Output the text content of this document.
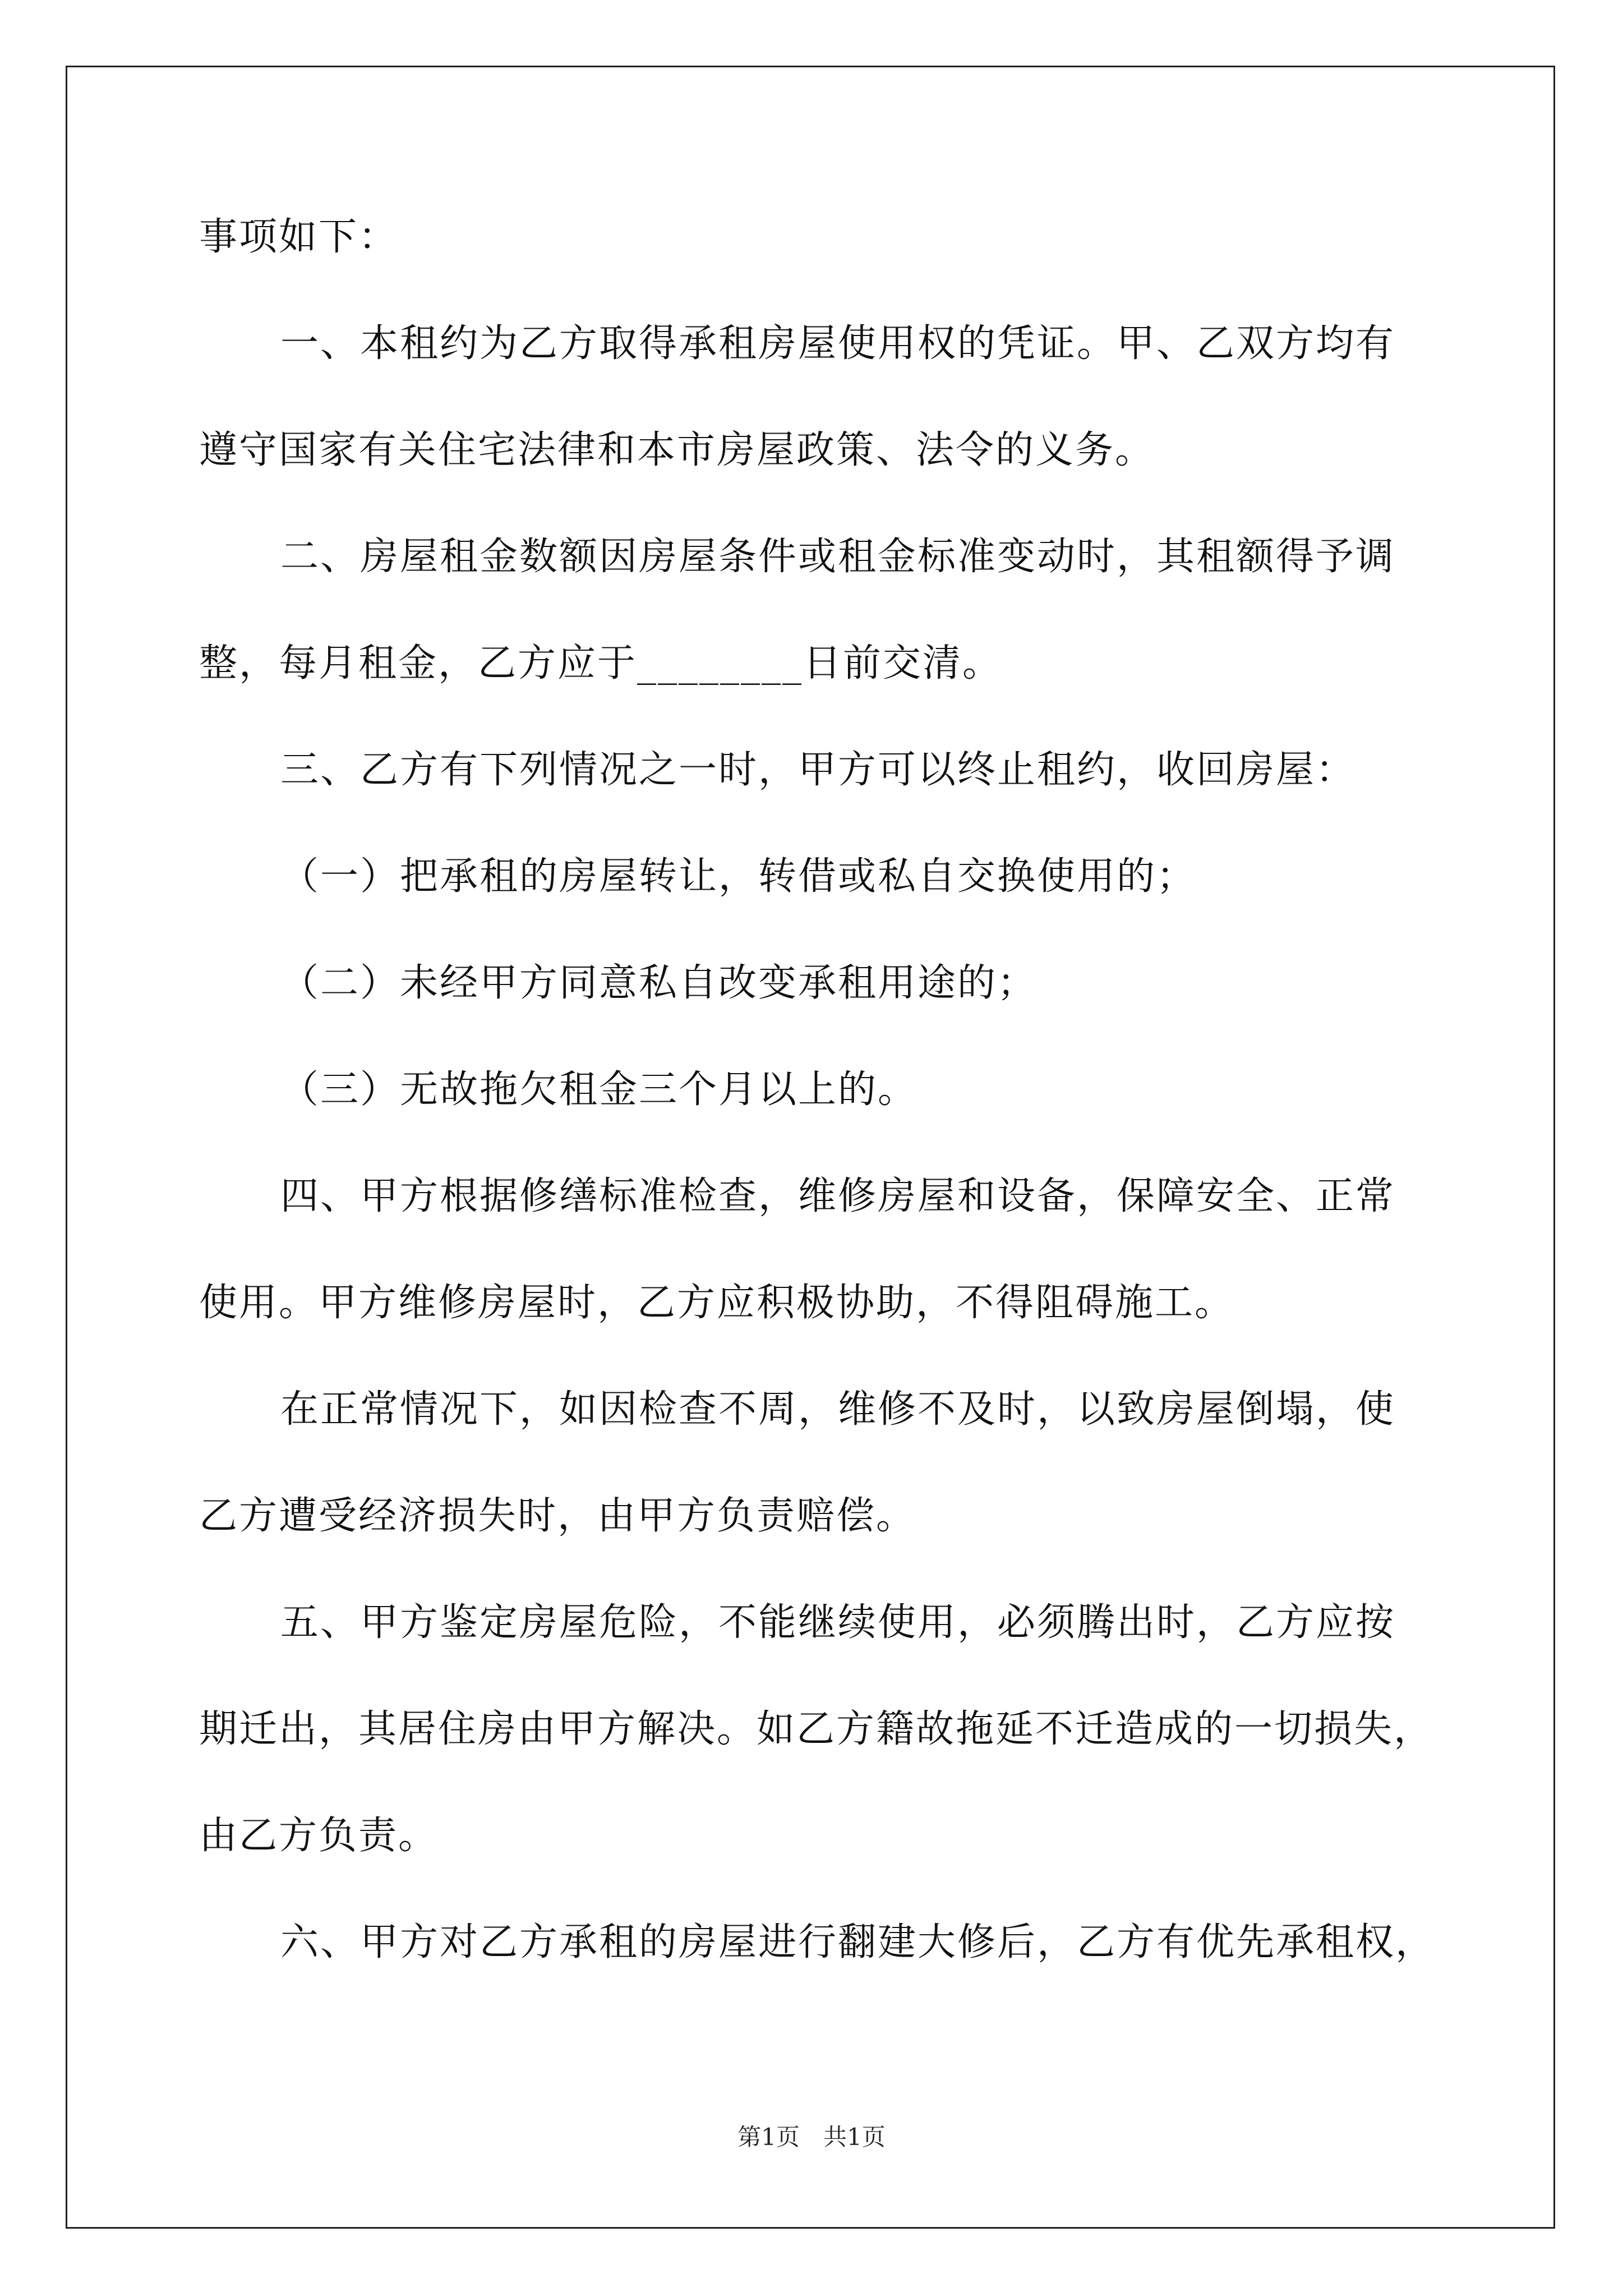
事项如下：
一、本租约为乙方取得承租房屋使用权的凭证。甲、乙双方均有
遵守国家有关住宅法律和本市房屋政策、法令的义务。
二、房屋租金数额因房屋条件或租金标准变动时，其租额得予调
整，每月租金，乙方应于________日前交清。
三、乙方有下列情况之一时，甲方可以终止租约，收回房屋：
（一）把承租的房屋转让，转借或私自交换使用的；
（二）未经甲方同意私自改变承租用途的；
（三）无故拖欠租金三个月以上的。
四、甲方根据修缮标准检查，维修房屋和设备，保障安全、正常
使用。甲方维修房屋时，乙方应积极协助，不得阻碍施工。
在正常情况下，如因检查不周，维修不及时，以致房屋倒塌，使
乙方遭受经济损失时，由甲方负责赔偿。
五、甲方鉴定房屋危险，不能继续使用，必须腾出时，乙方应按
期迁出，其居住房由甲方解决。如乙方籍故拖延不迁造成的一切损失，
由乙方负责。
六、甲方对乙方承租的房屋进行翻建大修后，乙方有优先承租权，
第1页　共1页
